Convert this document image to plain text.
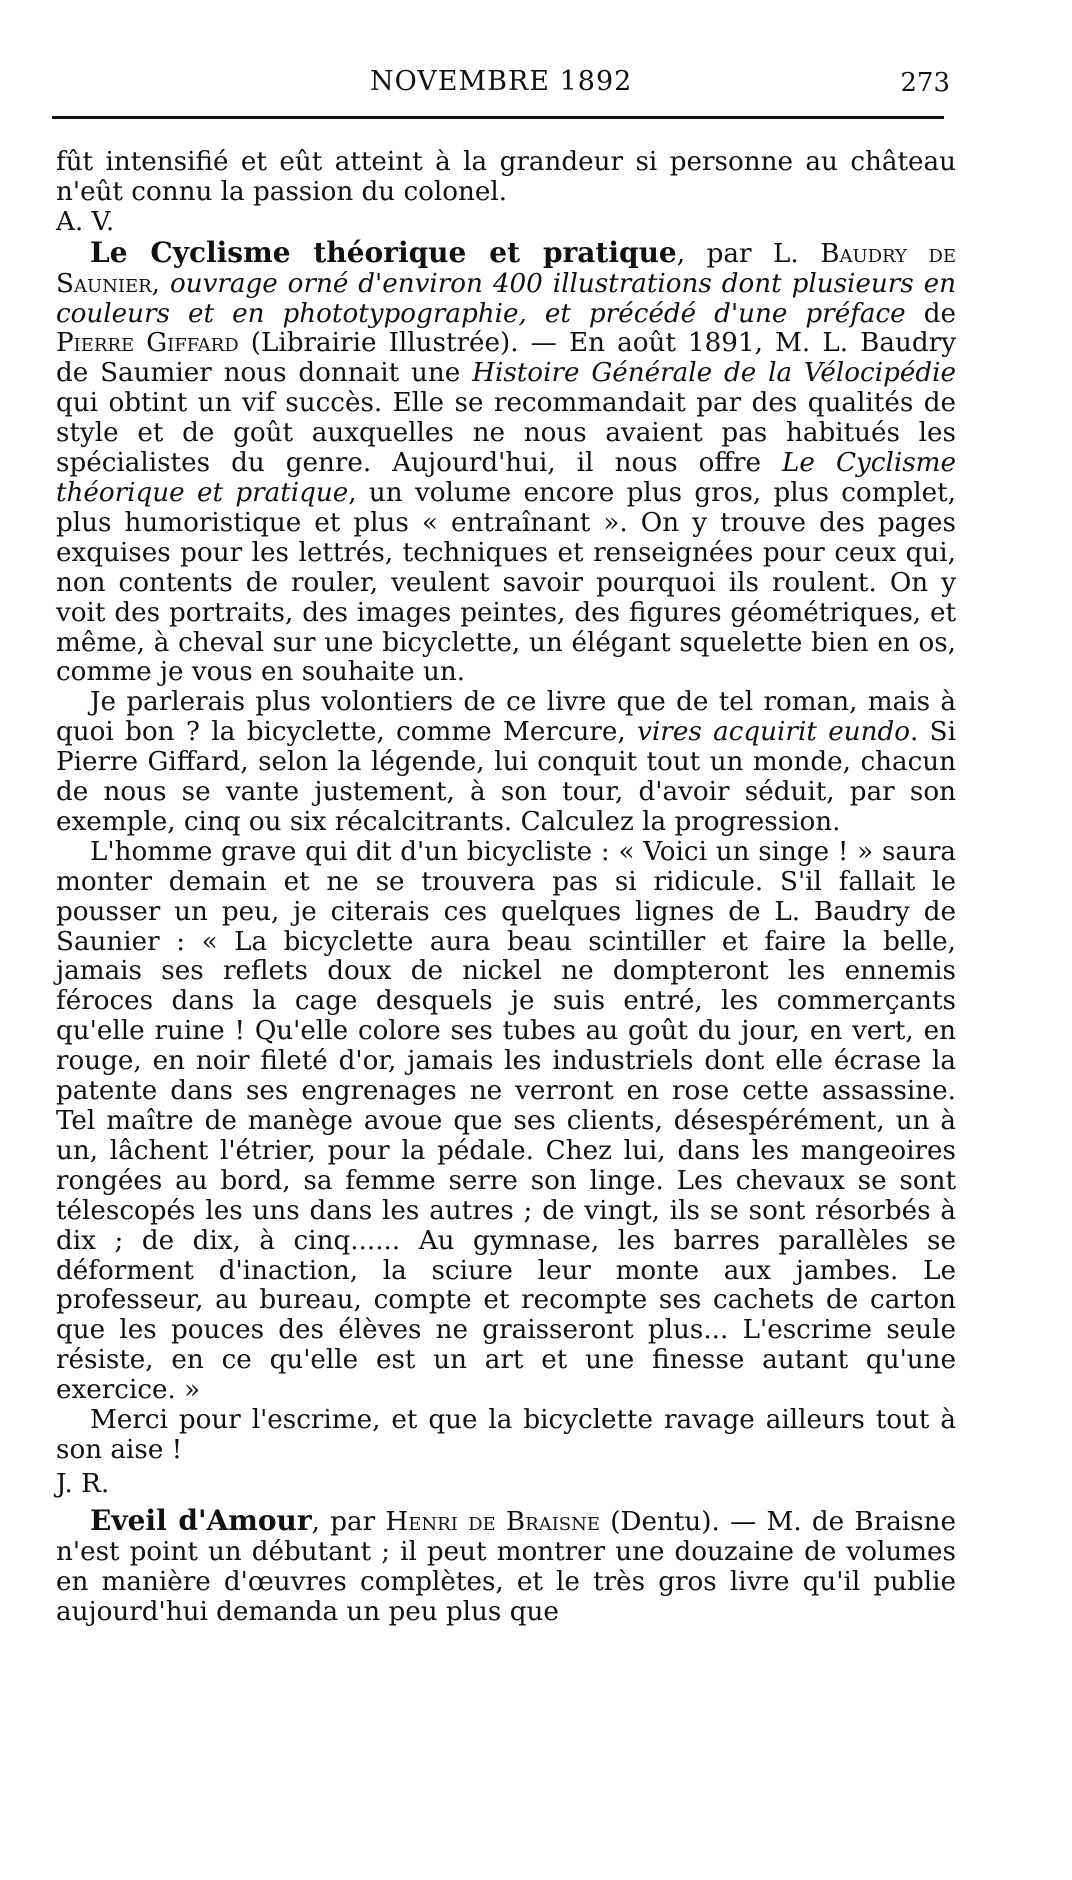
NOVEMBRE 1892	273

fût intensifié et eût atteint à la grandeur si personne au château n'eût connu la passion du colonel.

A. V.

Le Cyclisme théorique et pratique, par L. Baudry de Saunier, ouvrage orné d'environ 400 illustrations dont plusieurs en couleurs et en phototypographie, et précédé d'une préface de Pierre Giffard (Librairie Illustrée). — En août 1891, M. L. Baudry de Saumier nous donnait une Histoire Générale de la Vélocipédie qui obtint un vif succès. Elle se recommandait par des qualités de style et de goût auxquelles ne nous avaient pas habitués les spécialistes du genre. Aujourd'hui, il nous offre Le Cyclisme théorique et pratique, un volume encore plus gros, plus complet, plus humoristique et plus « entraînant ». On y trouve des pages exquises pour les lettrés, techniques et renseignées pour ceux qui, non contents de rouler, veulent savoir pourquoi ils roulent. On y voit des portraits, des images peintes, des figures géométriques, et même, à cheval sur une bicyclette, un élégant squelette bien en os, comme je vous en souhaite un.

Je parlerais plus volontiers de ce livre que de tel roman, mais à quoi bon ? la bicyclette, comme Mercure, vires acquirit eundo. Si Pierre Giffard, selon la légende, lui conquit tout un monde, chacun de nous se vante justement, à son tour, d'avoir séduit, par son exemple, cinq ou six récalcitrants. Calculez la progression.

L'homme grave qui dit d'un bicycliste : « Voici un singe ! » saura monter demain et ne se trouvera pas si ridicule. S'il fallait le pousser un peu, je citerais ces quelques lignes de L. Baudry de Saunier : « La bicyclette aura beau scintiller et faire la belle, jamais ses reflets doux de nickel ne dompteront les ennemis féroces dans la cage desquels je suis entré, les commerçants qu'elle ruine ! Qu'elle colore ses tubes au goût du jour, en vert, en rouge, en noir fileté d'or, jamais les industriels dont elle écrase la patente dans ses engrenages ne verront en rose cette assassine. Tel maître de manège avoue que ses clients, désespérément, un à un, lâchent l'étrier, pour la pédale. Chez lui, dans les mangeoires rongées au bord, sa femme serre son linge. Les chevaux se sont télescopés les uns dans les autres ; de vingt, ils se sont résorbés à dix ; de dix, à cinq...... Au gymnase, les barres parallèles se déforment d'inaction, la sciure leur monte aux jambes. Le professeur, au bureau, compte et recompte ses cachets de carton que les pouces des élèves ne graisseront plus... L'escrime seule résiste, en ce qu'elle est un art et une finesse autant qu'une exercice. »

Merci pour l'escrime, et que la bicyclette ravage ailleurs tout à son aise !

J. R.

Eveil d'Amour, par Henri de Braisne (Dentu). — M. de Braisne n'est point un débutant ; il peut montrer une douzaine de volumes en manière d'œuvres complètes, et le très gros livre qu'il publie aujourd'hui demanda un peu plus que
